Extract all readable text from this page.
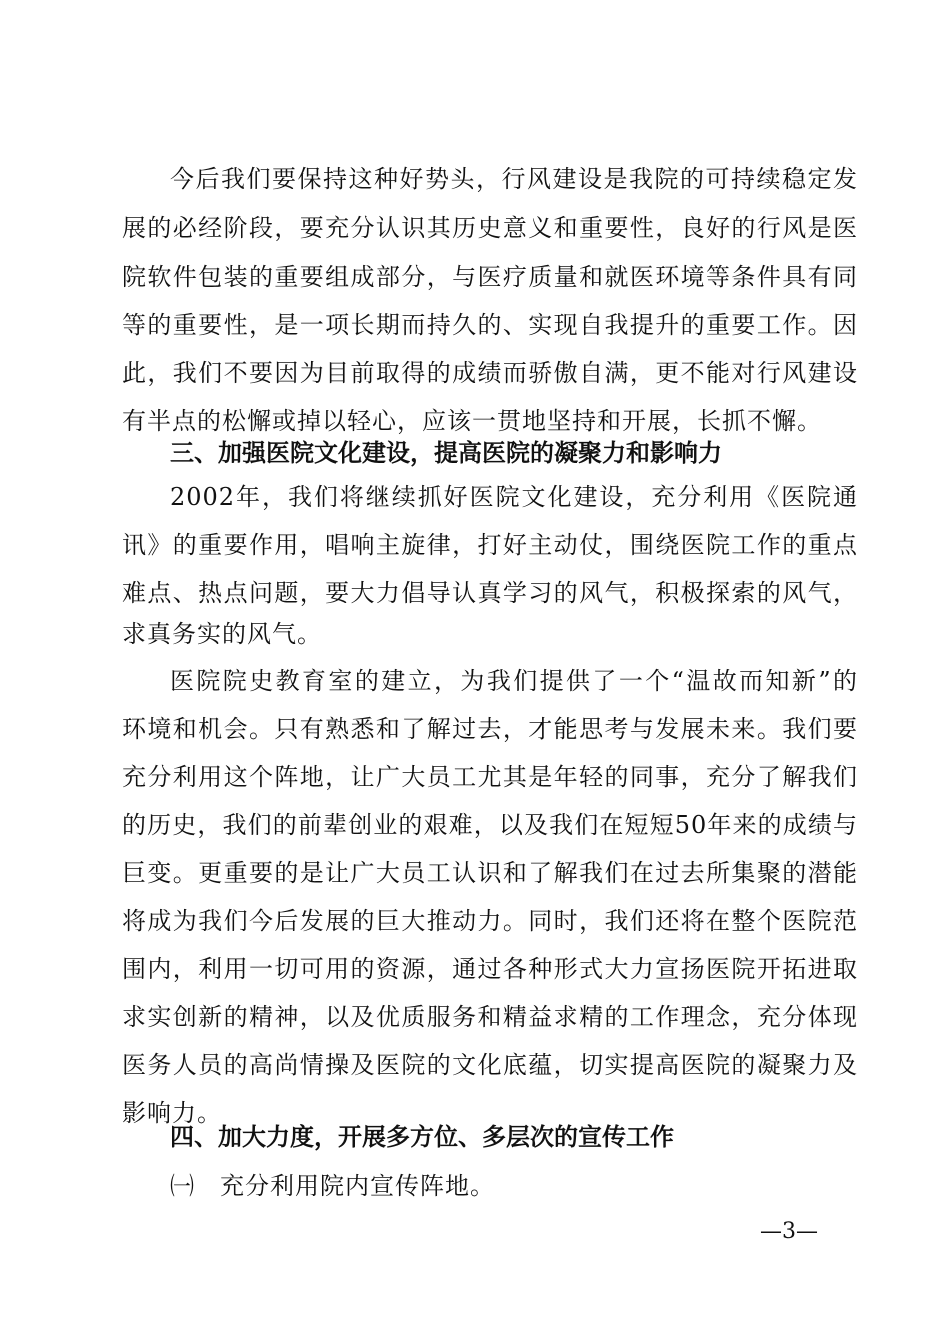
今后我们要保持这种好势头，行风建设是我院的可持续稳定发
展的必经阶段，要充分认识其历史意义和重要性，良好的行风是医
院软件包装的重要组成部分，与医疗质量和就医环境等条件具有同
等的重要性，是一项长期而持久的、实现自我提升的重要工作。因
此，我们不要因为目前取得的成绩而骄傲自满，更不能对行风建设
有半点的松懈或掉以轻心，应该一贯地坚持和开展，长抓不懈。
三、加强医院文化建设，提高医院的凝聚力和影响力
2002年，我们将继续抓好医院文化建设，充分利用《医院通
讯》的重要作用，唱响主旋律，打好主动仗，围绕医院工作的重点
难点、热点问题，要大力倡导认真学习的风气，积极探索的风气，
求真务实的风气。
医院院史教育室的建立，为我们提供了一个“温故而知新”的
环境和机会。只有熟悉和了解过去，才能思考与发展未来。我们要
充分利用这个阵地，让广大员工尤其是年轻的同事，充分了解我们
的历史，我们的前辈创业的艰难，以及我们在短短50年来的成绩与
巨变。更重要的是让广大员工认识和了解我们在过去所集聚的潜能
将成为我们今后发展的巨大推动力。同时，我们还将在整个医院范
围内，利用一切可用的资源，通过各种形式大力宣扬医院开拓进取
求实创新的精神，以及优质服务和精益求精的工作理念，充分体现
医务人员的高尚情操及医院的文化底蕴，切实提高医院的凝聚力及
影响力。
四、加大力度，开展多方位、多层次的宣传工作
㈠ 充分利用院内宣传阵地。
—3—
